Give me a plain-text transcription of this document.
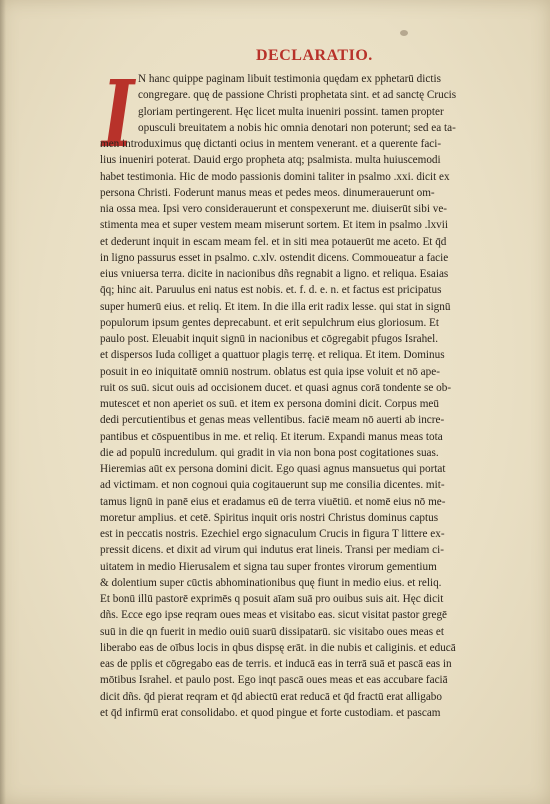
DECLARATIO.
I N hanc quippe paginam libuit testimonia quędam ex pphetarū dictis
congregare. quę de passione Christi prophetata sint. et ad sanctę Crucis
gloriam pertingerent. Hęc licet multa inueniri possint. tamen propter
opusculi breuitatem a nobis hic omnia denotari non poterunt; sed ea ta-
men introduximus quę dictanti ocius in mentem venerant. et a querente faci-
lius inueniri poterat. Dauid ergo propheta atq; psalmista. multa huiuscemodi
habet testimonia. Hic de modo passionis domini taliter in psalmo .xxi. dicit ex
persona Christi. Foderunt manus meas et pedes meos. dinumerauerunt om-
nia ossa mea. Ipsi vero considerauerunt et conspexerunt me. diuiserūt sibi ve-
stimenta mea et super vestem meam miserunt sortem. Et item in psalmo .lxvii
et dederunt inquit in escam meam fel. et in siti mea potauerūt me aceto. Et q̄d
in ligno passurus esset in psalmo. c.xlv. ostendit dicens. Commoueatur a facie
eius vniuersa terra. dicite in nacionibus dñs regnabit a ligno. et reliqua. Esaias
q̄q; hinc ait. Paruulus eni natus est nobis. et. f. d. e. n. et factus est pricipatus
super humerū eius. et reliq. Et item. In die illa erit radix lesse. qui stat in signū
populorum ipsum gentes deprecabunt. et erit sepulchrum eius gloriosum. Et
paulo post. Eleuabit inquit signū in nacionibus et cōgregabit pfugos Israhel.
et dispersos Iuda colliget a quattuor plagis terrę. et reliqua. Et item. Dominus
posuit in eo iniquitatē omniū nostrum. oblatus est quia ipse voluit et nō ape-
ruit os suū. sicut ouis ad occisionem ducet. et quasi agnus corā tondente se ob-
mutescet et non aperiet os suū. et item ex persona domini dicit. Corpus meū
dedi percutientibus et genas meas vellentibus. faciē meam nō auerti ab incre-
pantibus et cōspuentibus in me. et reliq. Et iterum. Expandi manus meas tota
die ad populū incredulum. qui gradit in via non bona post cogitationes suas.
Hieremias aūt ex persona domini dicit. Ego quasi agnus mansuetus qui portat
ad victimam. et non cognoui quia cogitauerunt sup me consilia dicentes. mit-
tamus lignū in panē eius et eradamus eū de terra viuētiū. et nomē eius nō me-
moretur amplius. et cetē. Spiritus inquit oris nostri Christus dominus captus
est in peccatis nostris. Ezechiel ergo signaculum Crucis in figura T littere ex-
pressit dicens. et dixit ad virum qui indutus erat lineis. Transi per mediam ci-
uitatem in medio Hierusalem et signa tau super frontes virorum gementium
& dolentium super cūctis abhominationibus quę fiunt in medio eius. et reliq.
Et bonū illū pastorē exprimēs q posuit aīam suā pro ouibus suis ait. Hęc dicit
dñs. Ecce ego ipse reqram oues meas et visitabo eas. sicut visitat pastor gregē
suū in die qn fuerit in medio ouiū suarū dissipatarū. sic visitabo oues meas et
liberabo eas de oībus locis in qbus dispsę erāt. in die nubis et caliginis. et educā
eas de pplis et cōgregabo eas de terris. et inducā eas in terrā suā et pascā eas in
mōtibus Israhel. et paulo post. Ego inqt pascā oues meas et eas accubare faciā
dicit dñs. q̄d pierat reqram et q̄d abiectū erat reducā et q̄d fractū erat alligabo
et q̄d infirmū erat consolidabo. et quod pingue et forte custodiam. et pascam
